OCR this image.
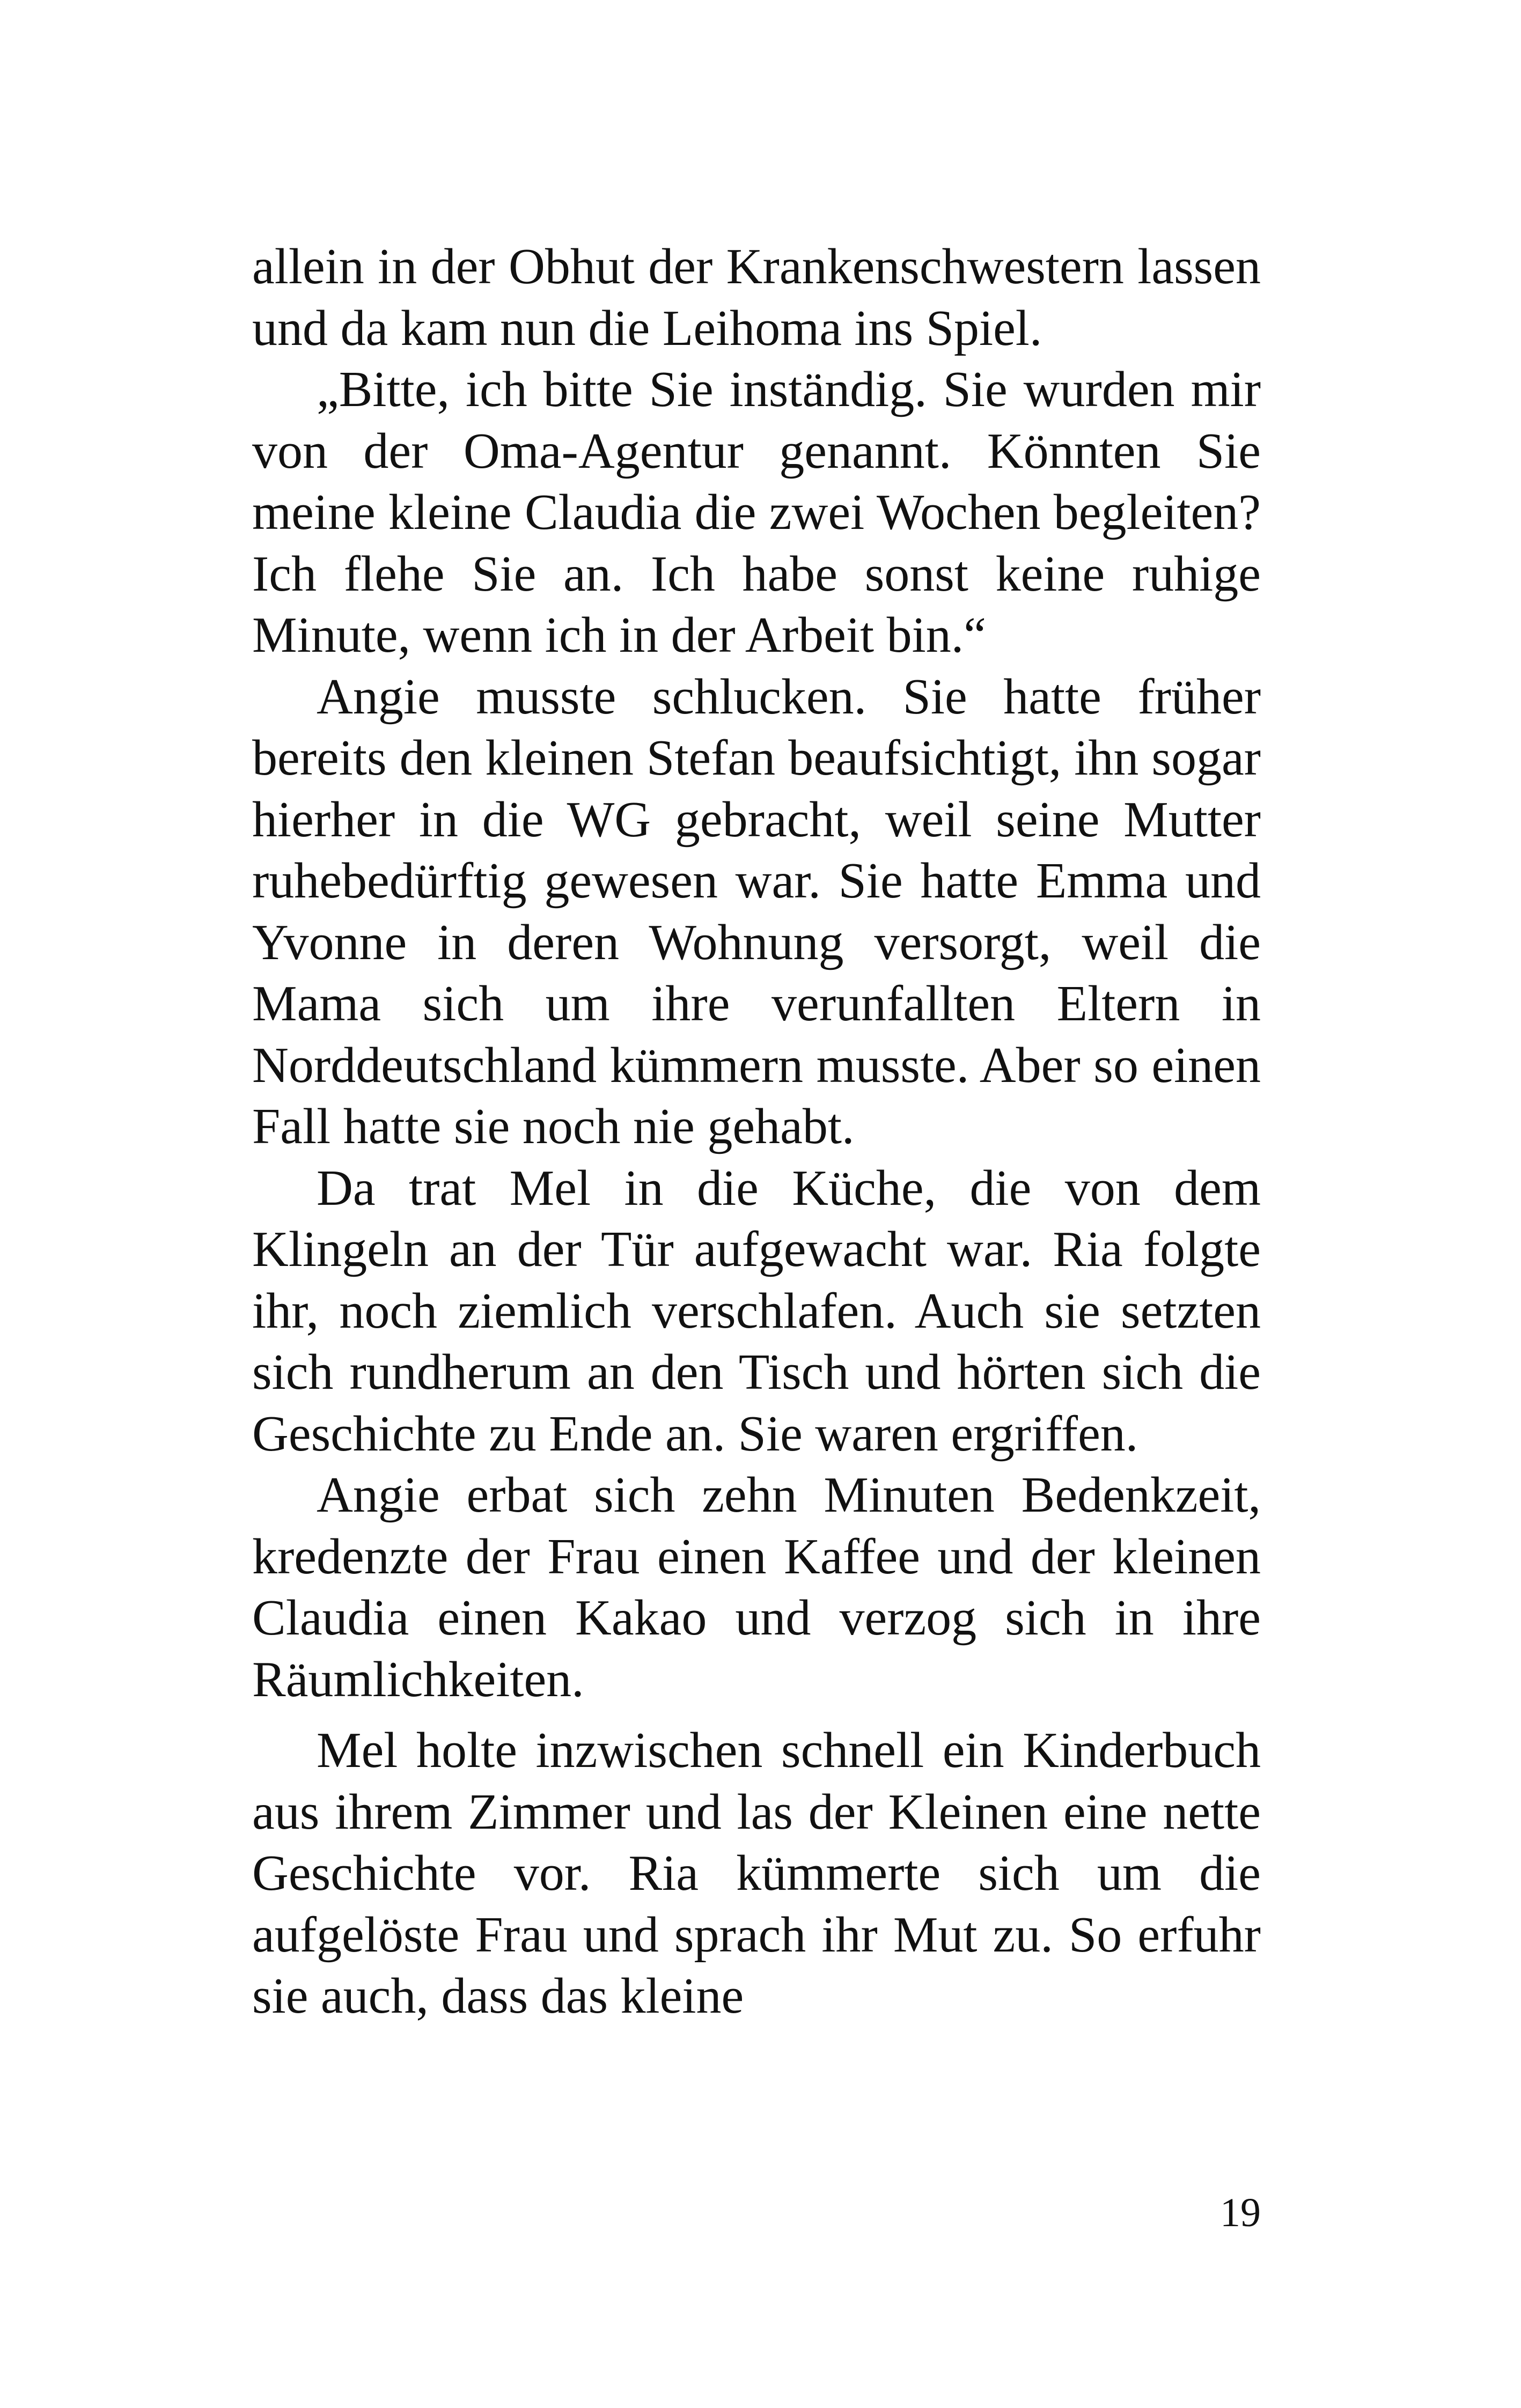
allein in der Obhut der Krankenschwestern lassen und da kam nun die Leihoma ins Spiel.

„Bitte, ich bitte Sie inständig. Sie wurden mir von der Oma-Agentur genannt. Könnten Sie meine kleine Claudia die zwei Wochen begleiten? Ich flehe Sie an. Ich habe sonst keine ruhige Minute, wenn ich in der Arbeit bin.“

Angie musste schlucken. Sie hatte früher bereits den kleinen Stefan beaufsichtigt, ihn sogar hierher in die WG gebracht, weil seine Mutter ruhebedürftig gewesen war. Sie hatte Emma und Yvonne in deren Wohnung versorgt, weil die Mama sich um ihre verunfallten Eltern in Norddeutschland kümmern musste. Aber so einen Fall hatte sie noch nie gehabt.

Da trat Mel in die Küche, die von dem Klingeln an der Tür aufgewacht war. Ria folgte ihr, noch ziemlich verschlafen. Auch sie setzten sich rundherum an den Tisch und hörten sich die Geschichte zu Ende an. Sie waren ergriffen.

Angie erbat sich zehn Minuten Bedenkzeit, kredenzte der Frau einen Kaffee und der kleinen Claudia einen Kakao und verzog sich in ihre Räumlichkeiten.

Mel holte inzwischen schnell ein Kinderbuch aus ihrem Zimmer und las der Kleinen eine nette Geschichte vor. Ria kümmerte sich um die aufgelöste Frau und sprach ihr Mut zu. So erfuhr sie auch, dass das kleine

19
